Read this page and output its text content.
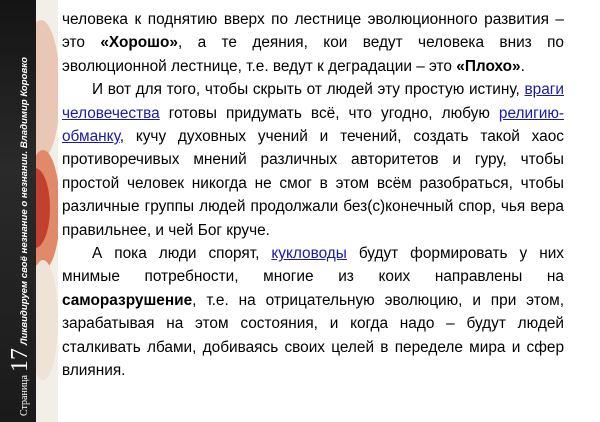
Страница
17
Ликвидируем своё незнание о незнании. Владимир Коровко

человека к поднятию вверх по лестнице эволюционного развития – это «Хорошо», а те деяния, кои ведут человека вниз по эволюционной лестнице, т.е. ведут к деградации – это «Плохо».

И вот для того, чтобы скрыть от людей эту простую истину, враги человечества готовы придумать всё, что угодно, любую религию-обманку, кучу духовных учений и течений, создать такой хаос противоречивых мнений различных авторитетов и гуру, чтобы простой человек никогда не смог в этом всём разобраться, чтобы различные группы людей продолжали без(с)конечный спор, чья вера правильнее, и чей Бог круче.

А пока люди спорят, кукловоды будут формировать у них мнимые потребности, многие из коих направлены на саморазрушение, т.е. на отрицательную эволюцию, и при этом, зарабатывая на этом состояния, и когда надо – будут людей сталкивать лбами, добиваясь своих целей в переделе мира и сфер влияния.
